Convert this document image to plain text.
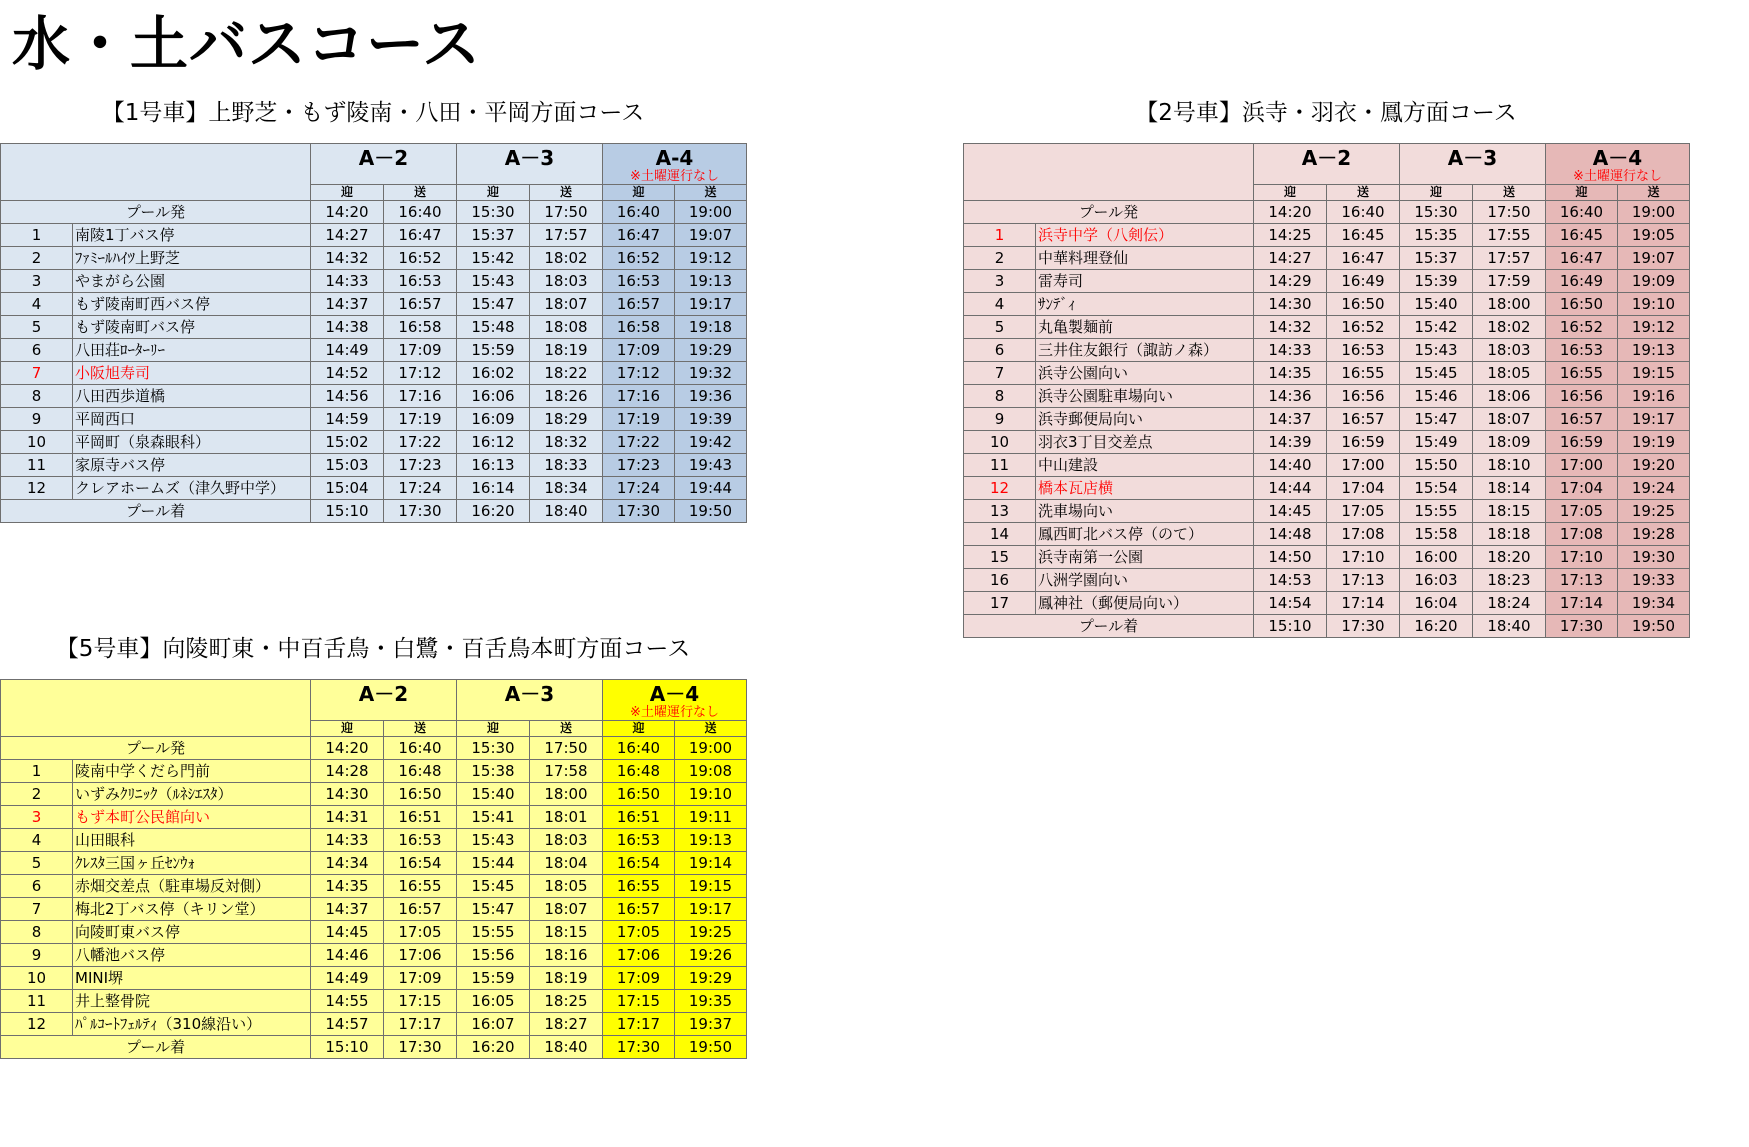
水・土バスコース
【1号車】上野芝・もず陵南・八田・平岡方面コース
		A－2		A－3		A-4
※土曜運行なし	

		迎	送	迎	送	迎	送
プール発		14:20	16:40	15:30	17:50	16:40	19:00
1	南陵1丁バス停	14:27	16:47	15:37	17:57	16:47	19:07
2	ﾌｧﾐｰﾙﾊｲﾂ上野芝	14:32	16:52	15:42	18:02	16:52	19:12
3	やまがら公園	14:33	16:53	15:43	18:03	16:53	19:13
4	もず陵南町西バス停	14:37	16:57	15:47	18:07	16:57	19:17
5	もず陵南町バス停	14:38	16:58	15:48	18:08	16:58	19:18
6	八田荘ﾛｰﾀｰﾘｰ	14:49	17:09	15:59	18:19	17:09	19:29
7	小阪旭寿司	14:52	17:12	16:02	18:22	17:12	19:32
8	八田西歩道橋	14:56	17:16	16:06	18:26	17:16	19:36
9	平岡西口	14:59	17:19	16:09	18:29	17:19	19:39
10	平岡町（泉森眼科）	15:02	17:22	16:12	18:32	17:22	19:42
11	家原寺バス停	15:03	17:23	16:13	18:33	17:23	19:43
12	クレアホームズ（津久野中学）	15:04	17:24	16:14	18:34	17:24	19:44
プール着		15:10	17:30	16:20	18:40	17:30	19:50
【2号車】浜寺・羽衣・鳳方面コース
		A－2		A－3		A－4
※土曜運行なし	

		迎	送	迎	送	迎	送
プール発		14:20	16:40	15:30	17:50	16:40	19:00
1	浜寺中学（八剣伝）	14:25	16:45	15:35	17:55	16:45	19:05
2	中華料理登仙	14:27	16:47	15:37	17:57	16:47	19:07
3	雷寿司	14:29	16:49	15:39	17:59	16:49	19:09
4	ｻﾝﾃﾞｨ	14:30	16:50	15:40	18:00	16:50	19:10
5	丸亀製麺前	14:32	16:52	15:42	18:02	16:52	19:12
6	三井住友銀行（諏訪ノ森）	14:33	16:53	15:43	18:03	16:53	19:13
7	浜寺公園向い	14:35	16:55	15:45	18:05	16:55	19:15
8	浜寺公園駐車場向い	14:36	16:56	15:46	18:06	16:56	19:16
9	浜寺郵便局向い	14:37	16:57	15:47	18:07	16:57	19:17
10	羽衣3丁目交差点	14:39	16:59	15:49	18:09	16:59	19:19
11	中山建設	14:40	17:00	15:50	18:10	17:00	19:20
12	橋本瓦店横	14:44	17:04	15:54	18:14	17:04	19:24
13	洗車場向い	14:45	17:05	15:55	18:15	17:05	19:25
14	鳳西町北バス停（のて）	14:48	17:08	15:58	18:18	17:08	19:28
15	浜寺南第一公園	14:50	17:10	16:00	18:20	17:10	19:30
16	八洲学園向い	14:53	17:13	16:03	18:23	17:13	19:33
17	鳳神社（郵便局向い）	14:54	17:14	16:04	18:24	17:14	19:34
プール着		15:10	17:30	16:20	18:40	17:30	19:50
【5号車】向陵町東・中百舌鳥・白鷺・百舌鳥本町方面コース
		A－2		A－3		A－4
※土曜運行なし	

		迎	送	迎	送	迎	送
プール発		14:20	16:40	15:30	17:50	16:40	19:00
1	陵南中学くだら門前	14:28	16:48	15:38	17:58	16:48	19:08
2	いずみｸﾘﾆｯｸ（ﾙﾈｼｴｽﾀ）	14:30	16:50	15:40	18:00	16:50	19:10
3	もず本町公民館向い	14:31	16:51	15:41	18:01	16:51	19:11
4	山田眼科	14:33	16:53	15:43	18:03	16:53	19:13
5	ｸﾚｽﾀ三国ヶ丘ｾﾝｳｫ	14:34	16:54	15:44	18:04	16:54	19:14
6	赤畑交差点（駐車場反対側）	14:35	16:55	15:45	18:05	16:55	19:15
7	梅北2丁バス停（キリン堂）	14:37	16:57	15:47	18:07	16:57	19:17
8	向陵町東バス停	14:45	17:05	15:55	18:15	17:05	19:25
9	八幡池バス停	14:46	17:06	15:56	18:16	17:06	19:26
10	MINI堺	14:49	17:09	15:59	18:19	17:09	19:29
11	井上整骨院	14:55	17:15	16:05	18:25	17:15	19:35
12	ﾊﾟﾙｺｰﾄﾌｪﾙﾃｨ（310線沿い）	14:57	17:17	16:07	18:27	17:17	19:37
プール着		15:10	17:30	16:20	18:40	17:30	19:50
